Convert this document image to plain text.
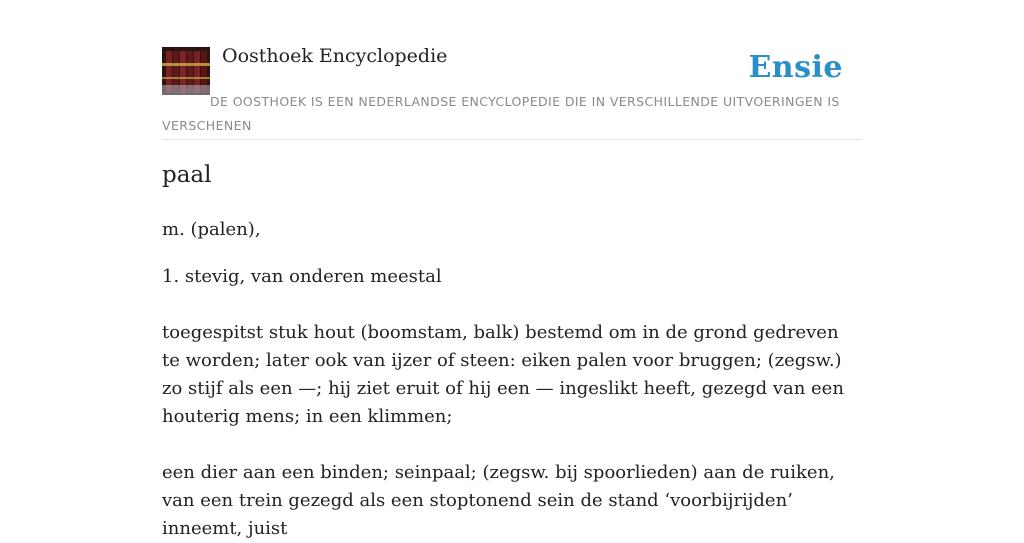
Oosthoek Encyclopedie	Ensie
DE OOSTHOEK IS EEN NEDERLANDSE ENCYCLOPEDIE DIE IN VERSCHILLENDE UITVOERINGEN IS VERSCHENEN
paal

m. (palen),

1. stevig, van onderen meestal

toegespitst stuk hout (boomstam, balk) bestemd om in de grond gedreven te worden; later ook van ijzer of steen: eiken palen voor bruggen; (zegsw.) zo stijf als een —; hij ziet eruit of hij een — ingeslikt heeft, gezegd van een houterig mens; in een klimmen;

een dier aan een binden; seinpaal; (zegsw. bij spoorlieden) aan de ruiken, van een trein gezegd als een stoptonend sein de stand ‘voorbijrijden’ inneemt, juist
